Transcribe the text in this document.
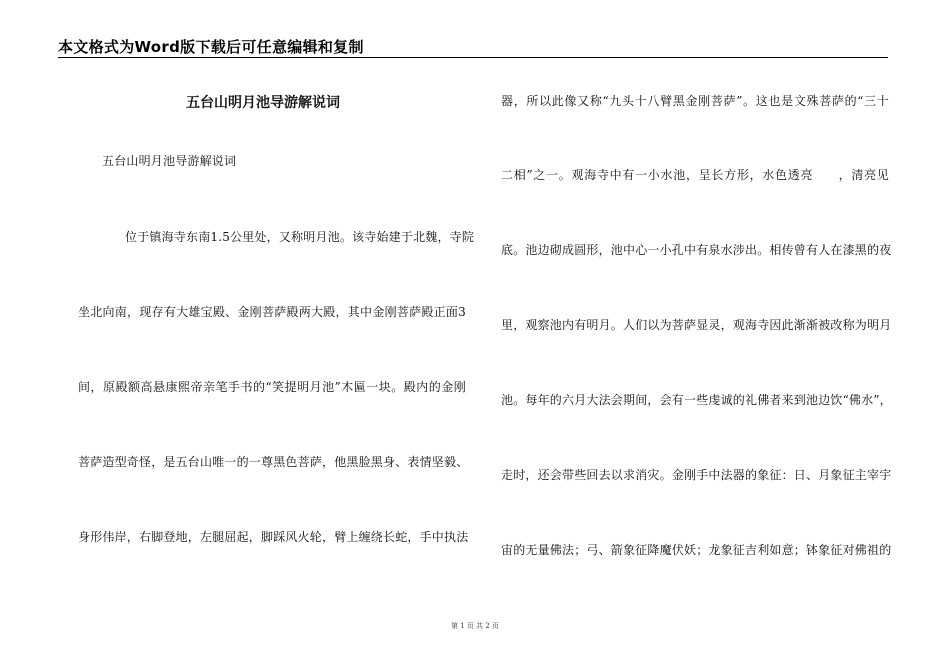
本文格式为Word版下载后可任意编辑和复制
五台山明月池导游解说词
五台山明月池导游解说词
位于镇海寺东南1.5公里处，又称明月池。该寺始建于北魏，寺院
坐北向南，现存有大雄宝殿、金刚菩萨殿两大殿，其中金刚菩萨殿正面3
间，原殿额高悬康熙帝亲笔手书的“笑提明月池”木匾一块。殿内的金刚
菩萨造型奇怪，是五台山唯一的一尊黑色菩萨，他黑脸黑身、表情坚毅、
身形伟岸，右脚登地，左腿屈起，脚踩风火轮，臂上缠绕长蛇，手中执法
器，所以此像又称“九头十八臂黑金刚菩萨”。这也是文殊菩萨的“三十
二相”之一。观海寺中有一小水池，呈长方形，水色透亮　　，清亮见
底。池边砌成圆形，池中心一小孔中有泉水涉出。相传曾有人在漆黑的夜
里，观察池内有明月。人们以为菩萨显灵，观海寺因此渐渐被改称为明月
池。每年的六月大法会期间，会有一些虔诚的礼佛者来到池边饮“佛水”，
走时，还会带些回去以求消灾。金刚手中法器的象征：日、月象征主宰宇
宙的无量佛法；弓、箭象征降魔伏妖；龙象征吉利如意；钵象征对佛祖的
第 1 页 共 2 页
